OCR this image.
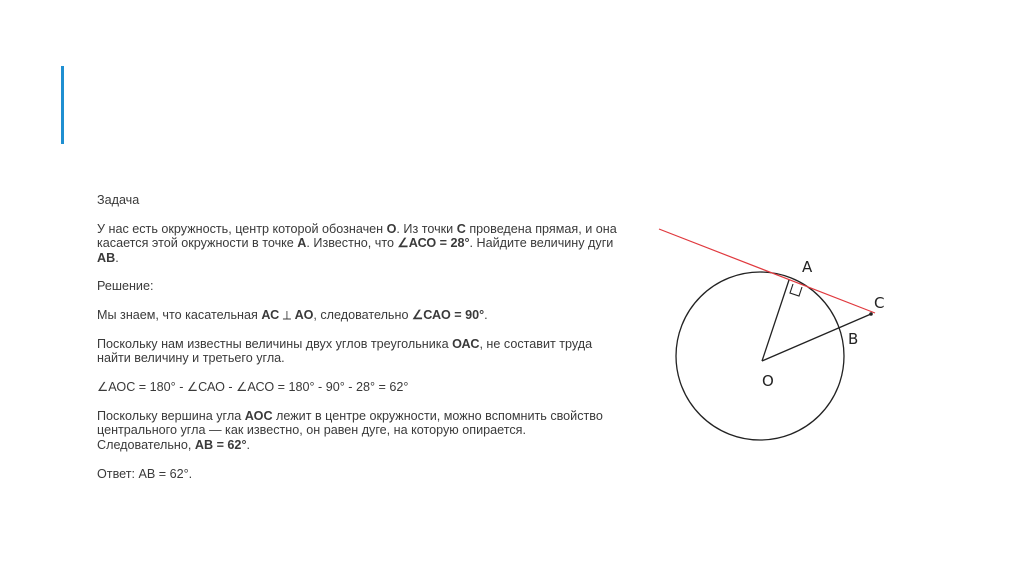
Задача

У нас есть окружность, центр которой обозначен О. Из точки С проведена прямая, и она касается этой окружности в точке А. Известно, что ∠АСО = 28°. Найдите величину дуги АВ.

Решение:

Мы знаем, что касательная АС ⟂ АО, следовательно ∠САО = 90°.

Поскольку нам известны величины двух углов треугольника ОАС, не составит труда найти величину и третьего угла.

∠АОС = 180° - ∠САО - ∠АСО = 180° - 90° - 28° = 62°

Поскольку вершина угла АОС лежит в центре окружности, можно вспомнить свойство центрального угла — как известно, он равен дуге, на которую опирается. Следовательно, АВ = 62°.

Ответ: АВ = 62°.

A
C
B
O
